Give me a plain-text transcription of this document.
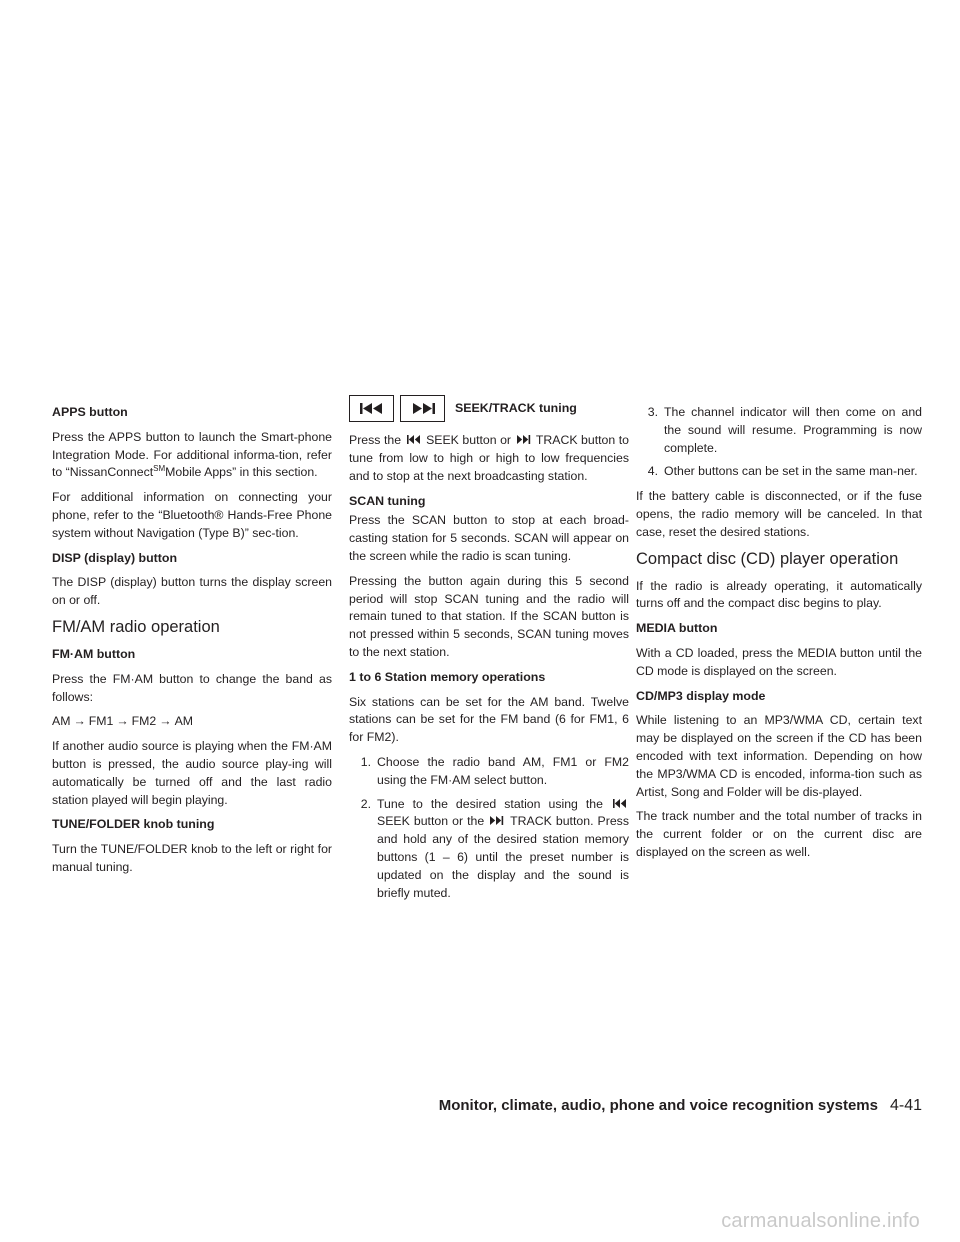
APPS button

Press the APPS button to launch the Smart-phone Integration Mode. For additional informa-tion, refer to “NissanConnect℠Mobile Apps” in this section.

For additional information on connecting your phone, refer to the “Bluetooth® Hands-Free Phone system without Navigation (Type B)” sec-tion.

DISP (display) button

The DISP (display) button turns the display screen on or off.

FM/AM radio operation
FM·AM button

Press the FM·AM button to change the band as follows:

AM → FM1 → FM2 → AM

If another audio source is playing when the FM·AM button is pressed, the audio source play-ing will automatically be turned off and the last radio station played will begin playing.

TUNE/FOLDER knob tuning

Turn the TUNE/FOLDER knob to the left or right for manual tuning.

SEEK/TRACK tuning

Press the SEEK button or TRACK button to tune from low to high or high to low frequencies and to stop at the next broadcasting station.

SCAN tuning

Press the SCAN button to stop at each broad-casting station for 5 seconds. SCAN will appear on the screen while the radio is scan tuning.

Pressing the button again during this 5 second period will stop SCAN tuning and the radio will remain tuned to that station. If the SCAN button is not pressed within 5 seconds, SCAN tuning moves to the next station.

1 to 6 Station memory operations

Six stations can be set for the AM band. Twelve stations can be set for the FM band (6 for FM1, 6 for FM2).

1. Choose the radio band AM, FM1 or FM2 using the FM·AM select button.
2. Tune to the desired station using the  SEEK button or the TRACK button. Press and hold any of the desired station memory buttons (1 – 6) until the preset number is updated on the display and the sound is briefly muted.
3. The channel indicator will then come on and the sound will resume. Programming is now complete.
4. Other buttons can be set in the same man-ner.

If the battery cable is disconnected, or if the fuse opens, the radio memory will be canceled. In that case, reset the desired stations.

Compact disc (CD) player operation

If the radio is already operating, it automatically turns off and the compact disc begins to play.

MEDIA button

With a CD loaded, press the MEDIA button until the CD mode is displayed on the screen.

CD/MP3 display mode

While listening to an MP3/WMA CD, certain text may be displayed on the screen if the CD has been encoded with text information. Depending on how the MP3/WMA CD is encoded, informa-tion such as Artist, Song and Folder will be dis-played.

The track number and the total number of tracks in the current folder or on the current disc are displayed on the screen as well.

Monitor, climate, audio, phone and voice recognition systems 4-41
carmanualsonline.info
